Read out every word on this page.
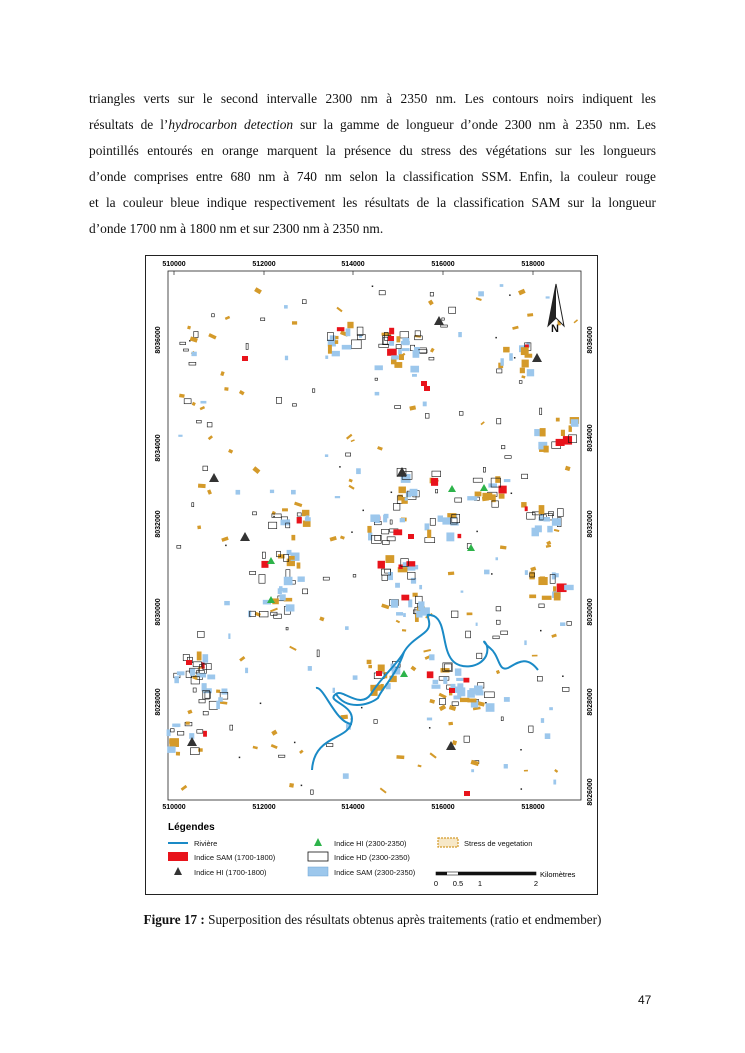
triangles verts sur le second intervalle 2300 nm à 2350 nm. Les contours noirs indiquent les
résultats de l’hydrocarbon detection sur la gamme de longueur d’onde 2300 nm à 2350 nm. Les
pointillés entourés en orange marquent la présence du stress des végétations sur les longueurs
d’onde comprises entre 680 nm à 740 nm selon la classification SSM. Enfin, la couleur rouge
et la couleur bleue indique respectivement les résultats de la classification SAM sur la longueur
d’onde 1700 nm à 1800 nm et sur 2300 nm à 2350 nm.

510000	512000	514000	516000	518000
510000	512000	514000	516000	518000
8036000
8034000
8032000
8030000
8028000
8036000
8034000
8032000
8030000
8028000
8026000
N
Légendes
Rivière	Indice HI (2300-2350)	Stress de vegetation
Indice SAM (1700-1800)	Indice HD (2300-2350)
Indice HI (1700-1800)	Indice SAM (2300-2350)
0 0.5 1	2
Kilomètres
Figure 17 : Superposition des résultats obtenus après traitements (ratio et endmember)
47
